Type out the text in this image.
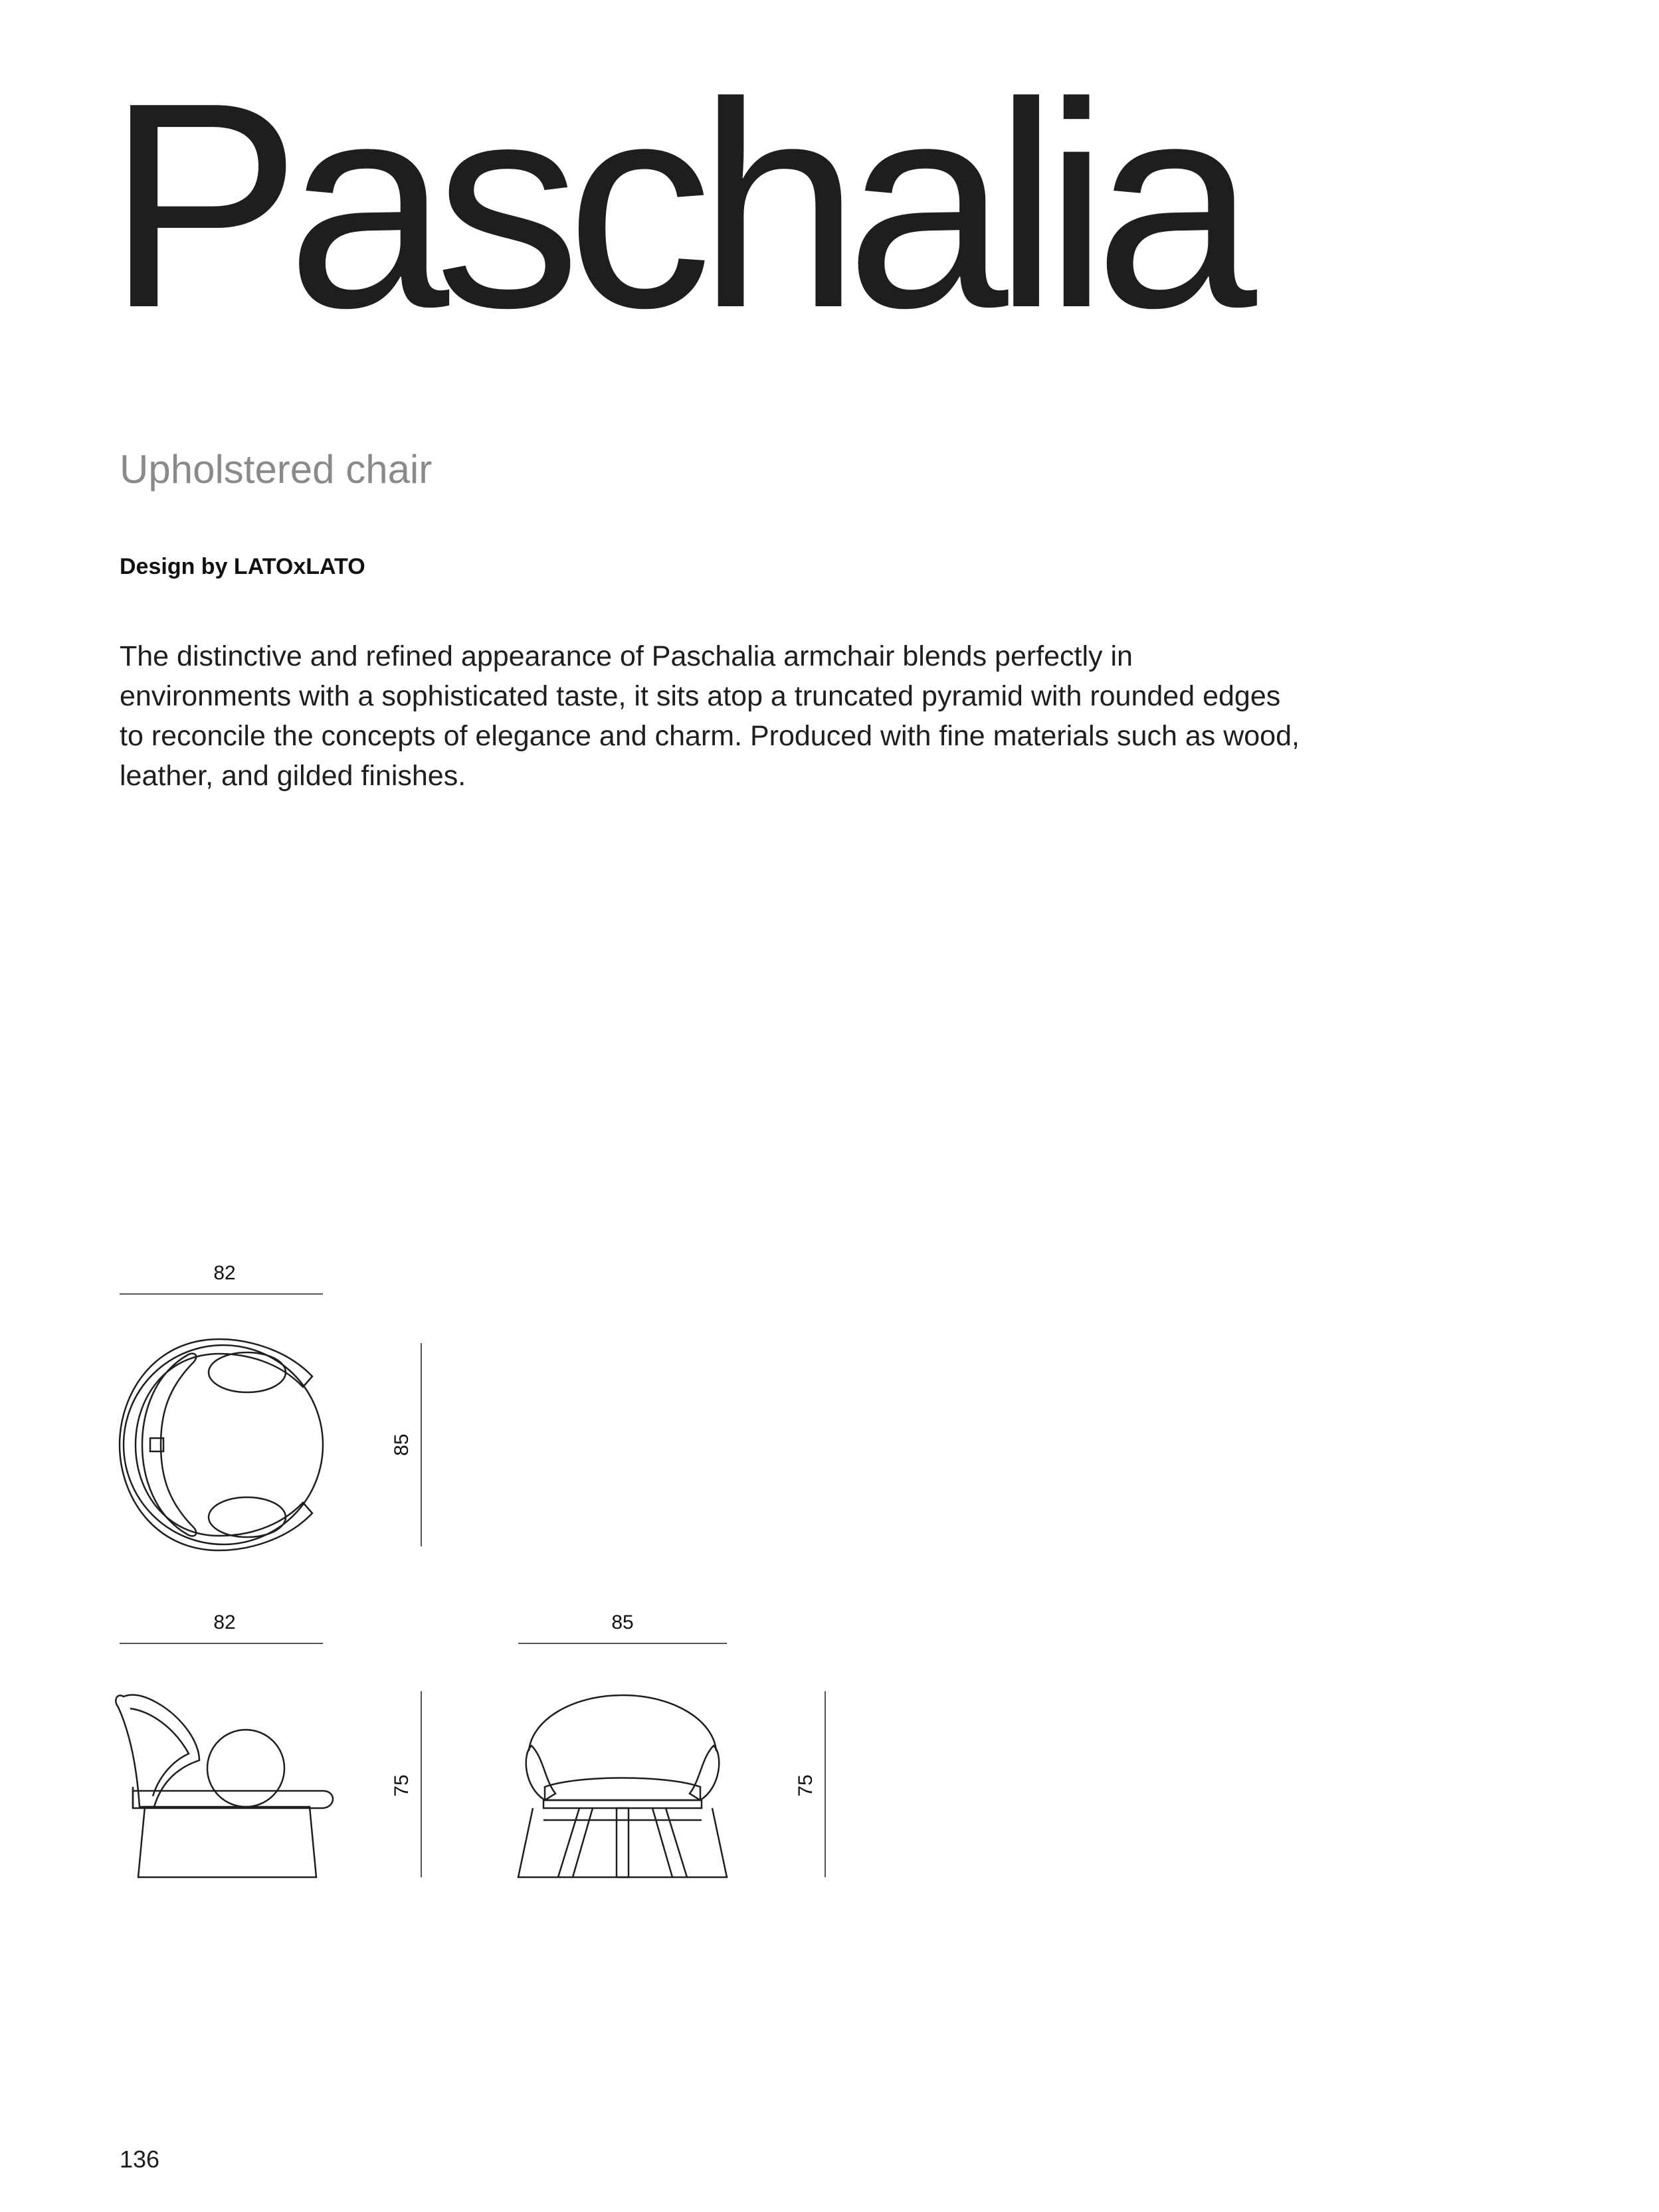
Paschalia
Upholstered chair
Design by LATOxLATO

The distinctive and refined appearance of Paschalia armchair blends perfectly in environments with a sophisticated taste, it sits atop a truncated pyramid with rounded edges to reconcile the concepts of elegance and charm. Produced with fine materials such as wood, leather, and gilded finishes.

82
85
82
75
85
75
136
